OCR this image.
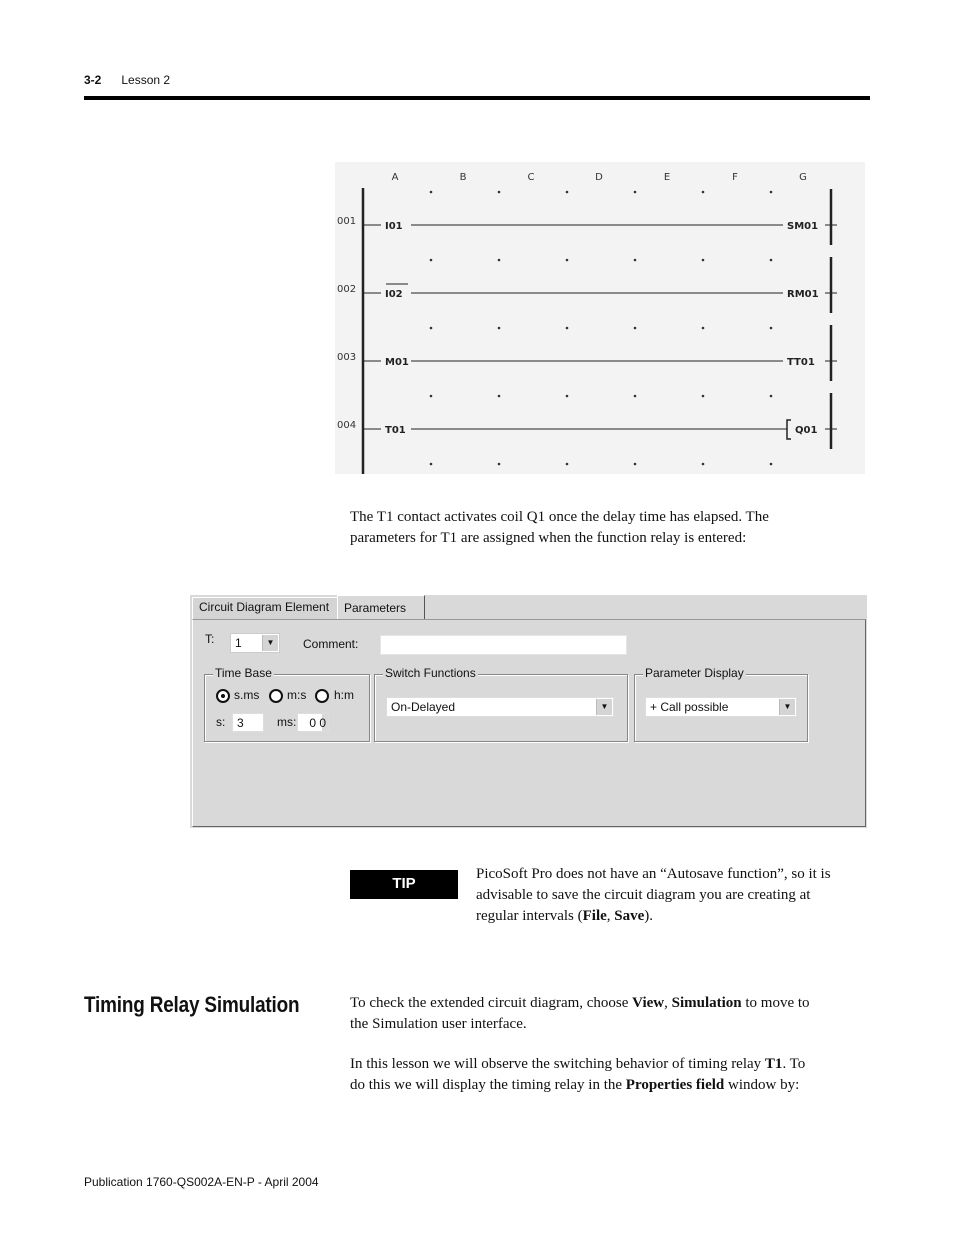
3-2 Lesson 2
A	B	C	D	E	F	G
001	I01	SM01
002	I02	RM01
003	M01	TT01
004	T01	Q01

The T1 contact activates coil Q1 once the delay time has elapsed. The parameters for T1 are assigned when the function relay is entered:

Circuit Diagram Element	Parameters
T:	1	▼ Comment:
Time Base
s.ms m:s h:m
s: 3	ms:	0 0
Switch Functions
On-Delayed	▼
Parameter Display
+ Call possible	▼
TIP

PicoSoft Pro does not have an “Autosave function”, so it is advisable to save the circuit diagram you are creating at regular intervals (File, Save).

Timing Relay Simulation	To check the extended circuit diagram, choose View, Simulation to move to the Simulation user interface.

In this lesson we will observe the switching behavior of timing relay T1. To do this we will display the timing relay in the Properties field window by:

Publication 1760-QS002A-EN-P - April 2004
